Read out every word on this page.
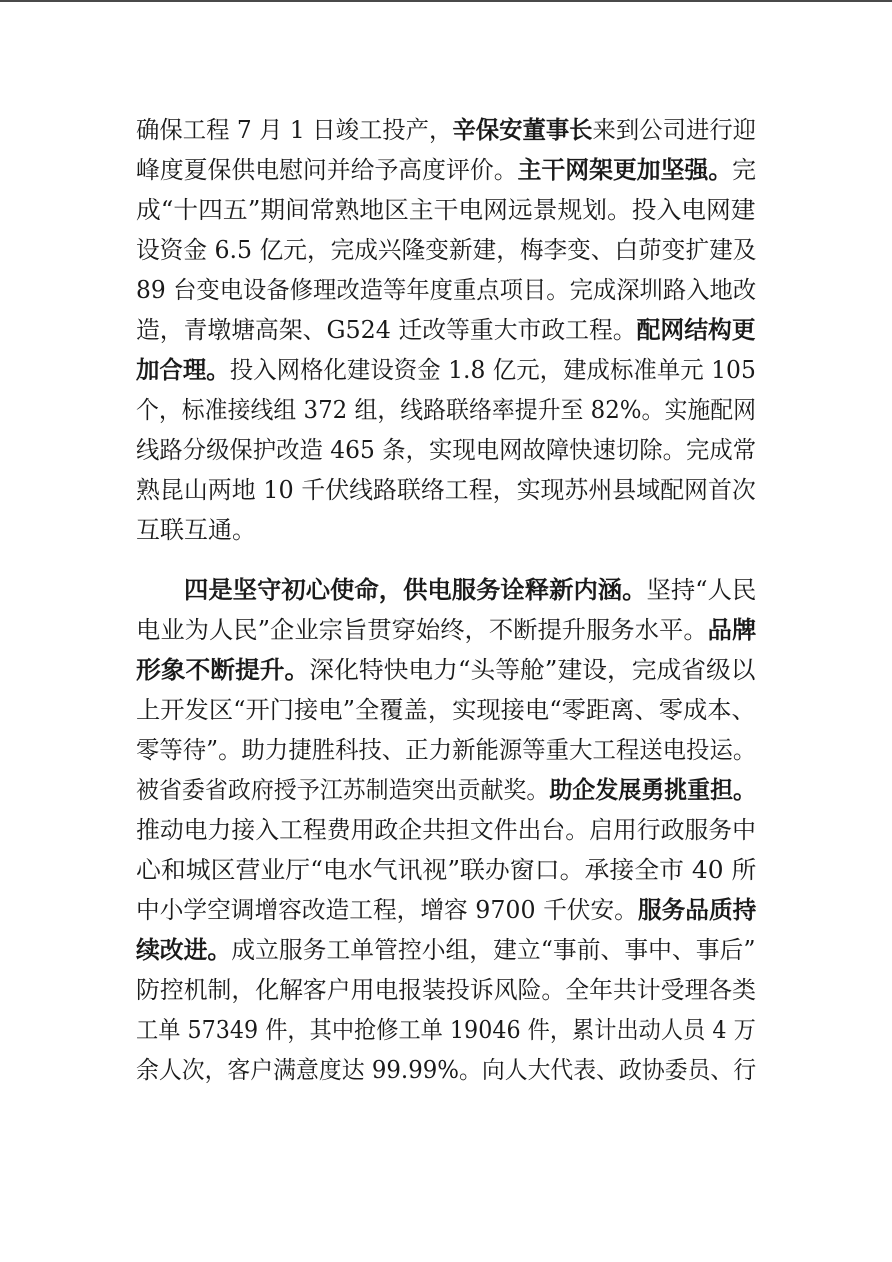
确保工程 7 月 1 日竣工投产，辛保安董事长来到公司进行迎
峰度夏保供电慰问并给予高度评价。主干网架更加坚强。完
成“十四五”期间常熟地区主干电网远景规划。投入电网建
设资金 6.5 亿元，完成兴隆变新建，梅李变、白茆变扩建及
89 台变电设备修理改造等年度重点项目。完成深圳路入地改
造，青墩塘高架、G524 迁改等重大市政工程。配网结构更
加合理。投入网格化建设资金 1.8 亿元，建成标准单元 105
个，标准接线组 372 组，线路联络率提升至 82%。实施配网
线路分级保护改造 465 条，实现电网故障快速切除。完成常
熟昆山两地 10 千伏线路联络工程，实现苏州县域配网首次
互联互通。
四是坚守初心使命，供电服务诠释新内涵。坚持“人民
电业为人民”企业宗旨贯穿始终，不断提升服务水平。品牌
形象不断提升。深化特快电力“头等舱”建设，完成省级以
上开发区“开门接电”全覆盖，实现接电“零距离、零成本、
零等待”。助力捷胜科技、正力新能源等重大工程送电投运。
被省委省政府授予江苏制造突出贡献奖。助企发展勇挑重担。
推动电力接入工程费用政企共担文件出台。启用行政服务中
心和城区营业厅“电水气讯视”联办窗口。承接全市 40 所
中小学空调增容改造工程，增容 9700 千伏安。服务品质持
续改进。成立服务工单管控小组，建立“事前、事中、事后”
防控机制，化解客户用电报装投诉风险。全年共计受理各类
工单 57349 件，其中抢修工单 19046 件，累计出动人员 4 万
余人次，客户满意度达 99.99%。向人大代表、政协委员、行
